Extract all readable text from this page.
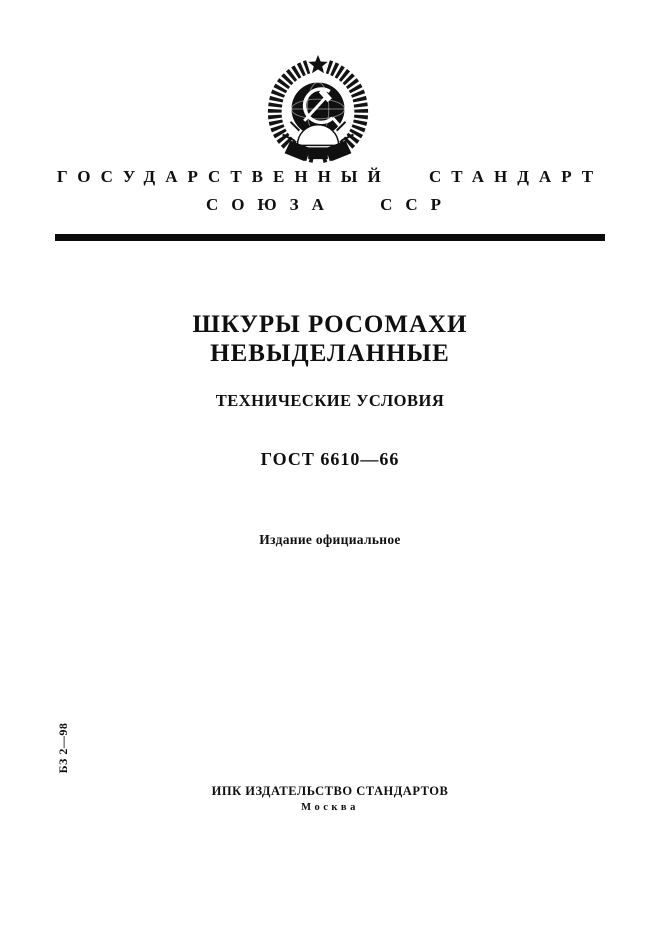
ГОСУДАРСТВЕННЫЙ СТАНДАРТ
СОЮЗА ССР
ШКУРЫ РОСОМАХИ
НЕВЫДЕЛАННЫЕ
ТЕХНИЧЕСКИЕ УСЛОВИЯ
ГОСТ 6610—66
Издание официальное
БЗ 2—98
ИПК ИЗДАТЕЛЬСТВО СТАНДАРТОВ
Москва
